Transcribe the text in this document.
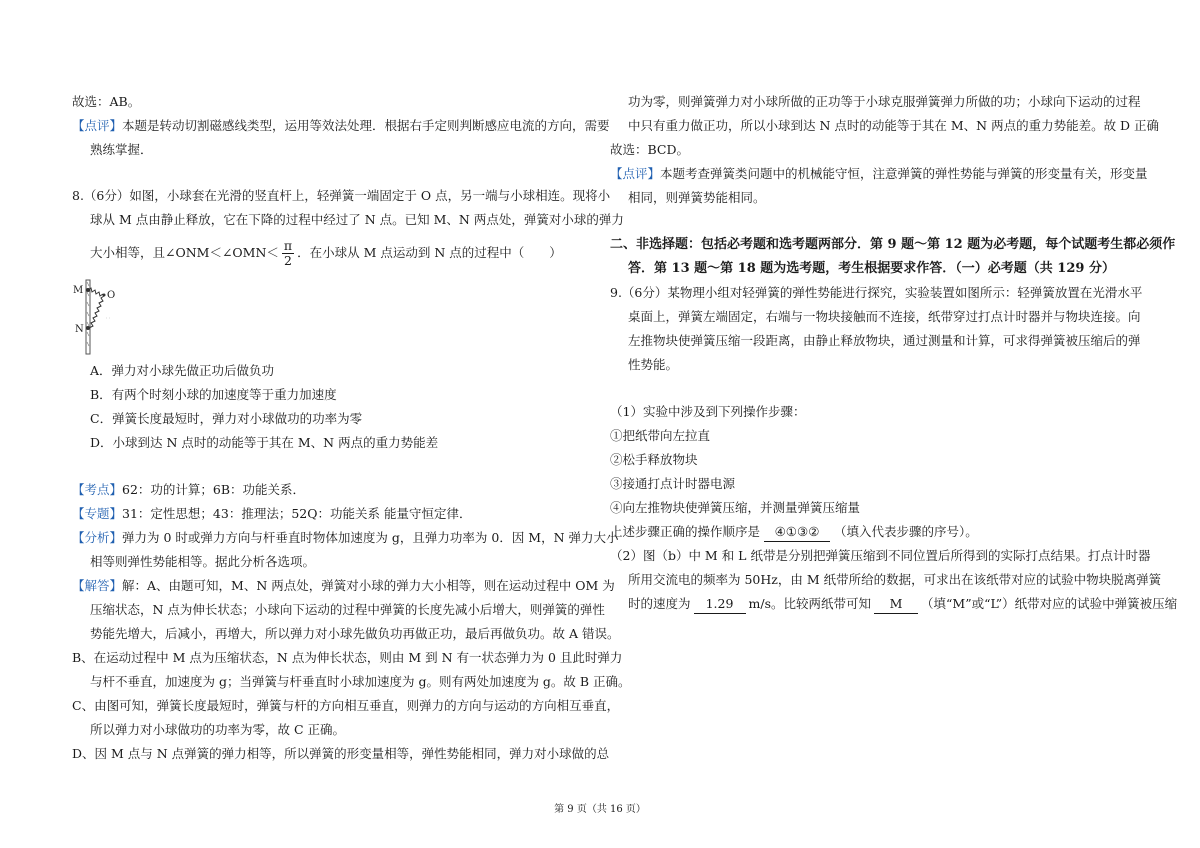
故选：AB。
【点评】本题是转动切割磁感线类型，运用等效法处理．根据右手定则判断感应电流的方向，需要
熟练掌握．
8.（6分）如图，小球套在光滑的竖直杆上，轻弹簧一端固定于 O 点，另一端与小球相连。现将小
球从 M 点由静止释放，它在下降的过程中经过了 N 点。已知 M、N 两点处，弹簧对小球的弹力
大小相等，且∠ONM＜∠OMN＜ $\frac{\pi}{2}$ ．在小球从 M 点运动到 N 点的过程中（　　）
M O
N
A．弹力对小球先做正功后做负功
B．有两个时刻小球的加速度等于重力加速度
C．弹簧长度最短时，弹力对小球做功的功率为零
D．小球到达 N 点时的动能等于其在 M、N 两点的重力势能差
【考点】62：功的计算；6B：功能关系．
【专题】31：定性思想；43：推理法；52Q：功能关系 能量守恒定律．
【分析】弹力为 0 时或弹力方向与杆垂直时物体加速度为 g，且弹力功率为 0．因 M，N 弹力大小
相等则弹性势能相等。据此分析各选项。
【解答】解：A、由题可知，M、N 两点处，弹簧对小球的弹力大小相等，则在运动过程中 OM 为
压缩状态，N 点为伸长状态；小球向下运动的过程中弹簧的长度先减小后增大，则弹簧的弹性
势能先增大，后减小，再增大，所以弹力对小球先做负功再做正功，最后再做负功。故 A 错误。
B、在运动过程中 M 点为压缩状态，N 点为伸长状态，则由 M 到 N 有一状态弹力为 0 且此时弹力
与杆不垂直，加速度为 g；当弹簧与杆垂直时小球加速度为 g。则有两处加速度为 g。故 B 正确。
C、由图可知，弹簧长度最短时，弹簧与杆的方向相互垂直，则弹力的方向与运动的方向相互垂直，
所以弹力对小球做功的功率为零，故 C 正确。
D、因 M 点与 N 点弹簧的弹力相等，所以弹簧的形变量相等，弹性势能相同，弹力对小球做的总
功为零，则弹簧弹力对小球所做的正功等于小球克服弹簧弹力所做的功；小球向下运动的过程
中只有重力做正功，所以小球到达 N 点时的动能等于其在 M、N 两点的重力势能差。故 D 正确
故选：BCD。
【点评】本题考查弹簧类问题中的机械能守恒，注意弹簧的弹性势能与弹簧的形变量有关，形变量
相同，则弹簧势能相同。
二、非选择题：包括必考题和选考题两部分．第 9 题～第 12 题为必考题，每个试题考生都必须作
答．第 13 题～第 18 题为选考题，考生根据要求作答．（一）必考题（共 129 分）
9.（6分）某物理小组对轻弹簧的弹性势能进行探究，实验装置如图所示：轻弹簧放置在光滑水平
桌面上，弹簧左端固定，右端与一物块接触而不连接，纸带穿过打点计时器并与物块连接。向
左推物块使弹簧压缩一段距离，由静止释放物块，通过测量和计算，可求得弹簧被压缩后的弹
性势能。
（1）实验中涉及到下列操作步骤：
①把纸带向左拉直
②松手释放物块
③接通打点计时器电源
④向左推物块使弹簧压缩，并测量弹簧压缩量
上述步骤正确的操作顺序是 ④①③② （填入代表步骤的序号）。
（2）图（b）中 M 和 L 纸带是分别把弹簧压缩到不同位置后所得到的实际打点结果。打点计时器
所用交流电的频率为 50Hz，由 M 纸带所给的数据，可求出在该纸带对应的试验中物块脱离弹簧
时的速度为 1.29 m/s。比较两纸带可知 M （填“M”或“L”）纸带对应的试验中弹簧被压缩
第 9 页（共 16 页）
